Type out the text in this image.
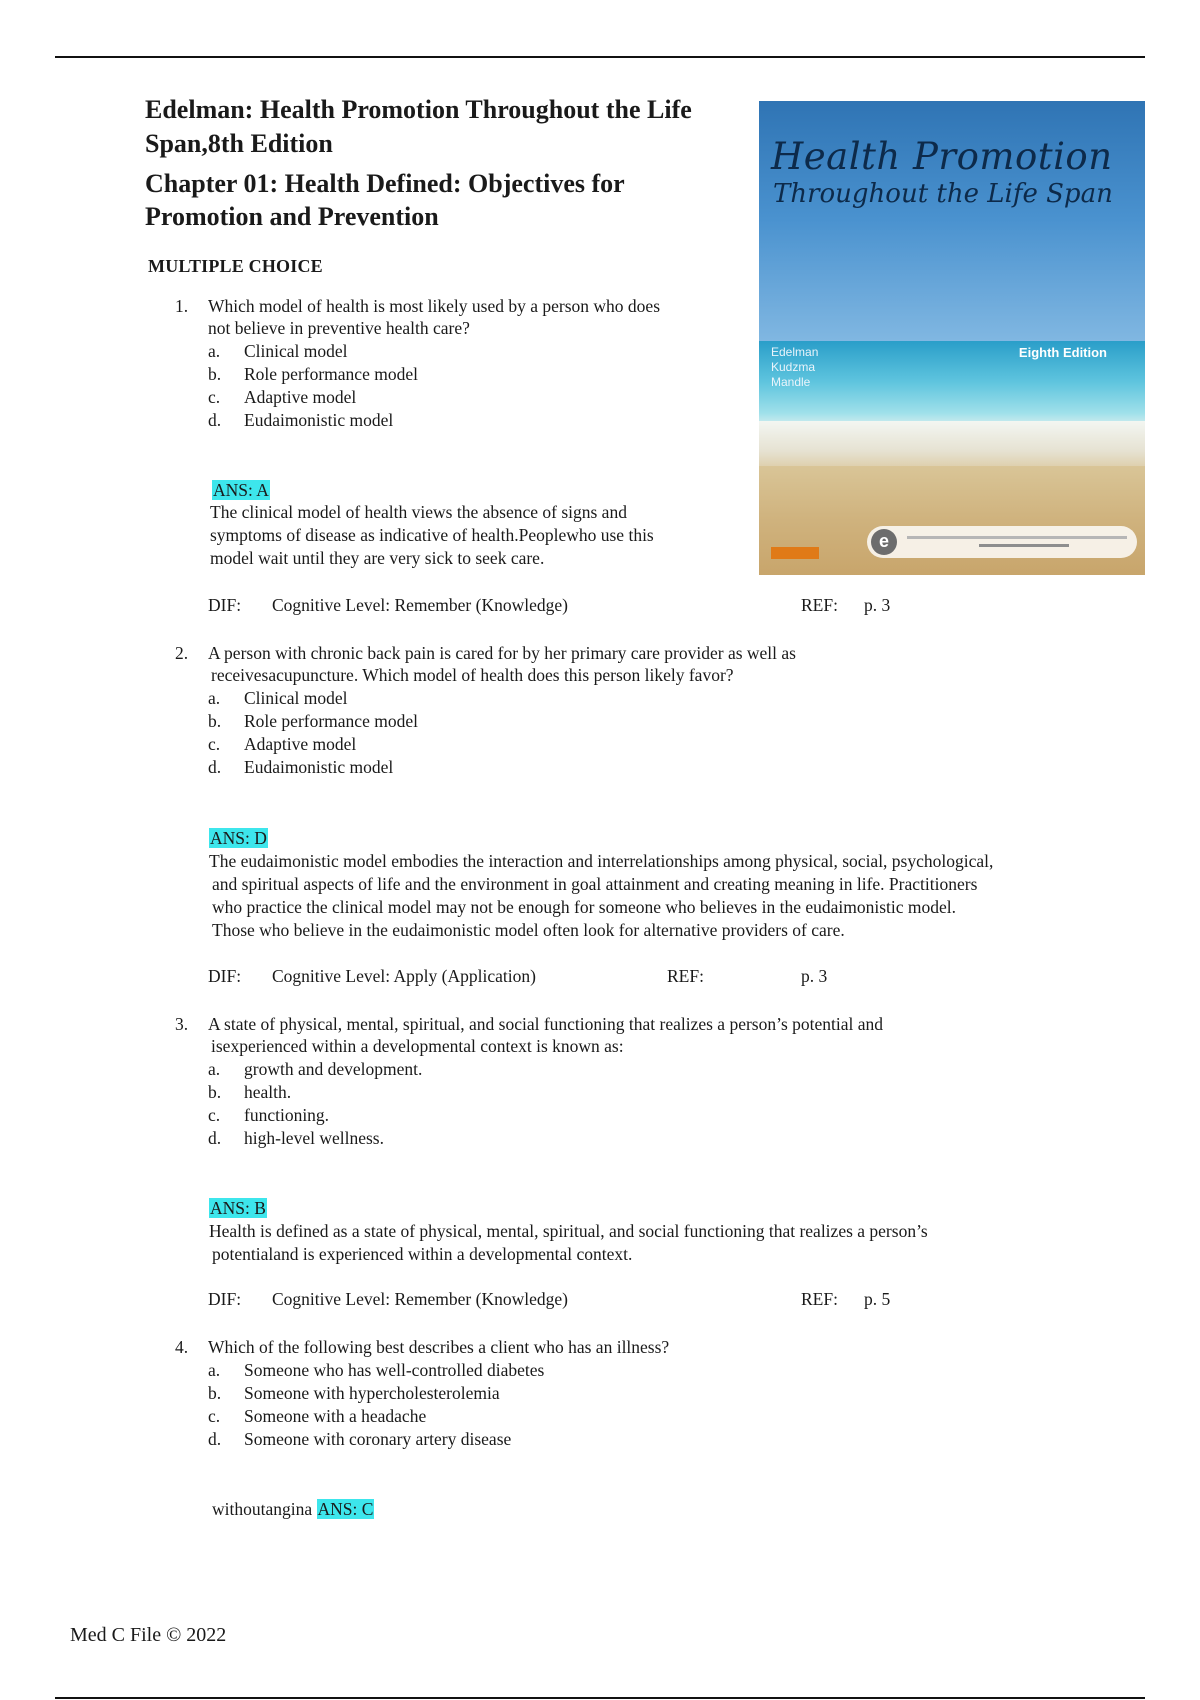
Edelman: Health Promotion Throughout the Life
Span,8th Edition
Chapter 01: Health Defined: Objectives for
Promotion and Prevention
Health Promotion
Throughout the Life Span
Edelman
Kudzma
Mandle
Eighth Edition
e
MULTIPLE CHOICE
1. Which model of health is most likely used by a person who does
not believe in preventive health care?
a. Clinical model
b. Role performance model
c. Adaptive model
d. Eudaimonistic model
ANS: A
The clinical model of health views the absence of signs and
symptoms of disease as indicative of health.Peoplewho use this
model wait until they are very sick to seek care.
DIF: Cognitive Level: Remember (Knowledge)	REF: p. 3
2. A person with chronic back pain is cared for by her primary care provider as well as
receivesacupuncture. Which model of health does this person likely favor?
a. Clinical model
b. Role performance model
c. Adaptive model
d. Eudaimonistic model
ANS: D
The eudaimonistic model embodies the interaction and interrelationships among physical, social, psychological,
and spiritual aspects of life and the environment in goal attainment and creating meaning in life. Practitioners
who practice the clinical model may not be enough for someone who believes in the eudaimonistic model.
Those who believe in the eudaimonistic model often look for alternative providers of care.
DIF: Cognitive Level: Apply (Application)	REF:	p. 3
3. A state of physical, mental, spiritual, and social functioning that realizes a person’s potential and
isexperienced within a developmental context is known as:
a. growth and development.
b. health.
c. functioning.
d. high-level wellness.
ANS: B
Health is defined as a state of physical, mental, spiritual, and social functioning that realizes a person’s
potentialand is experienced within a developmental context.
DIF: Cognitive Level: Remember (Knowledge)	REF: p. 5
4. Which of the following best describes a client who has an illness?
a. Someone who has well-controlled diabetes
b. Someone with hypercholesterolemia
c. Someone with a headache
d. Someone with coronary artery disease
withoutangina ANS: C
Med C File © 2022
